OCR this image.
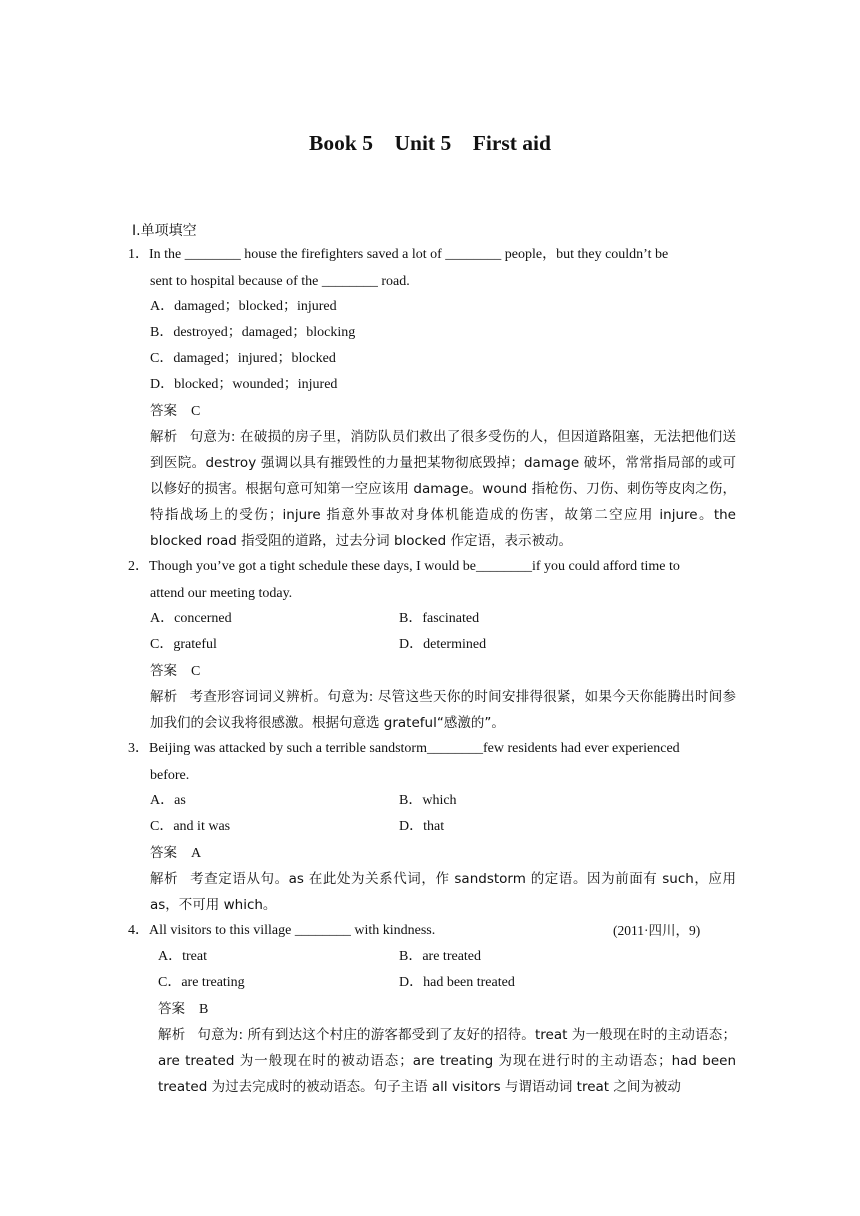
Book 5    Unit 5    First aid
Ⅰ.单项填空
1．In the ________ house the firefighters saved a lot of ________ people，but they couldn’t be
sent to hospital because of the ________ road.
A．damaged；blocked；injured
B．destroyed；damaged；blocking
C．damaged；injured；blocked
D．blocked；wounded；injured
答案 C
解析 句意为: 在破损的房子里，消防队员们救出了很多受伤的人，但因道路阻塞，无法把他们送到医院。destroy 强调以具有摧毁性的力量把某物彻底毁掉；damage 破坏，常常指局部的或可以修好的损害。根据句意可知第一空应该用 damage。wound 指枪伤、刀伤、刺伤等皮肉之伤，特指战场上的受伤；injure 指意外事故对身体机能造成的伤害，故第二空应用 injure。the blocked road 指受阻的道路，过去分词 blocked 作定语，表示被动。
2．Though you’ve got a tight schedule these days, I would be________if you could afford time to
attend our meeting today.
A．concerned	B．fascinated
C．grateful	D．determined
答案 C
解析 考查形容词词义辨析。句意为: 尽管这些天你的时间安排得很紧，如果今天你能腾出时间参加我们的会议我将很感激。根据句意选 grateful“感激的”。
3．Beijing was attacked by such a terrible sandstorm________few residents had ever experienced
before.
A．as	B．which
C．and it was	D．that
答案 A
解析 考查定语从句。as 在此处为关系代词，作 sandstorm 的定语。因为前面有 such，应用 as，不可用 which。
4．All visitors to this village ________ with kindness.	(2011·四川，9)
A．treat	B．are treated
C．are treating	D．had been treated
答案 B
解析 句意为: 所有到达这个村庄的游客都受到了友好的招待。treat 为一般现在时的主动语态；are treated 为一般现在时的被动语态；are treating 为现在进行时的主动语态；had been treated 为过去完成时的被动语态。句子主语 all visitors 与谓语动词 treat 之间为被动
